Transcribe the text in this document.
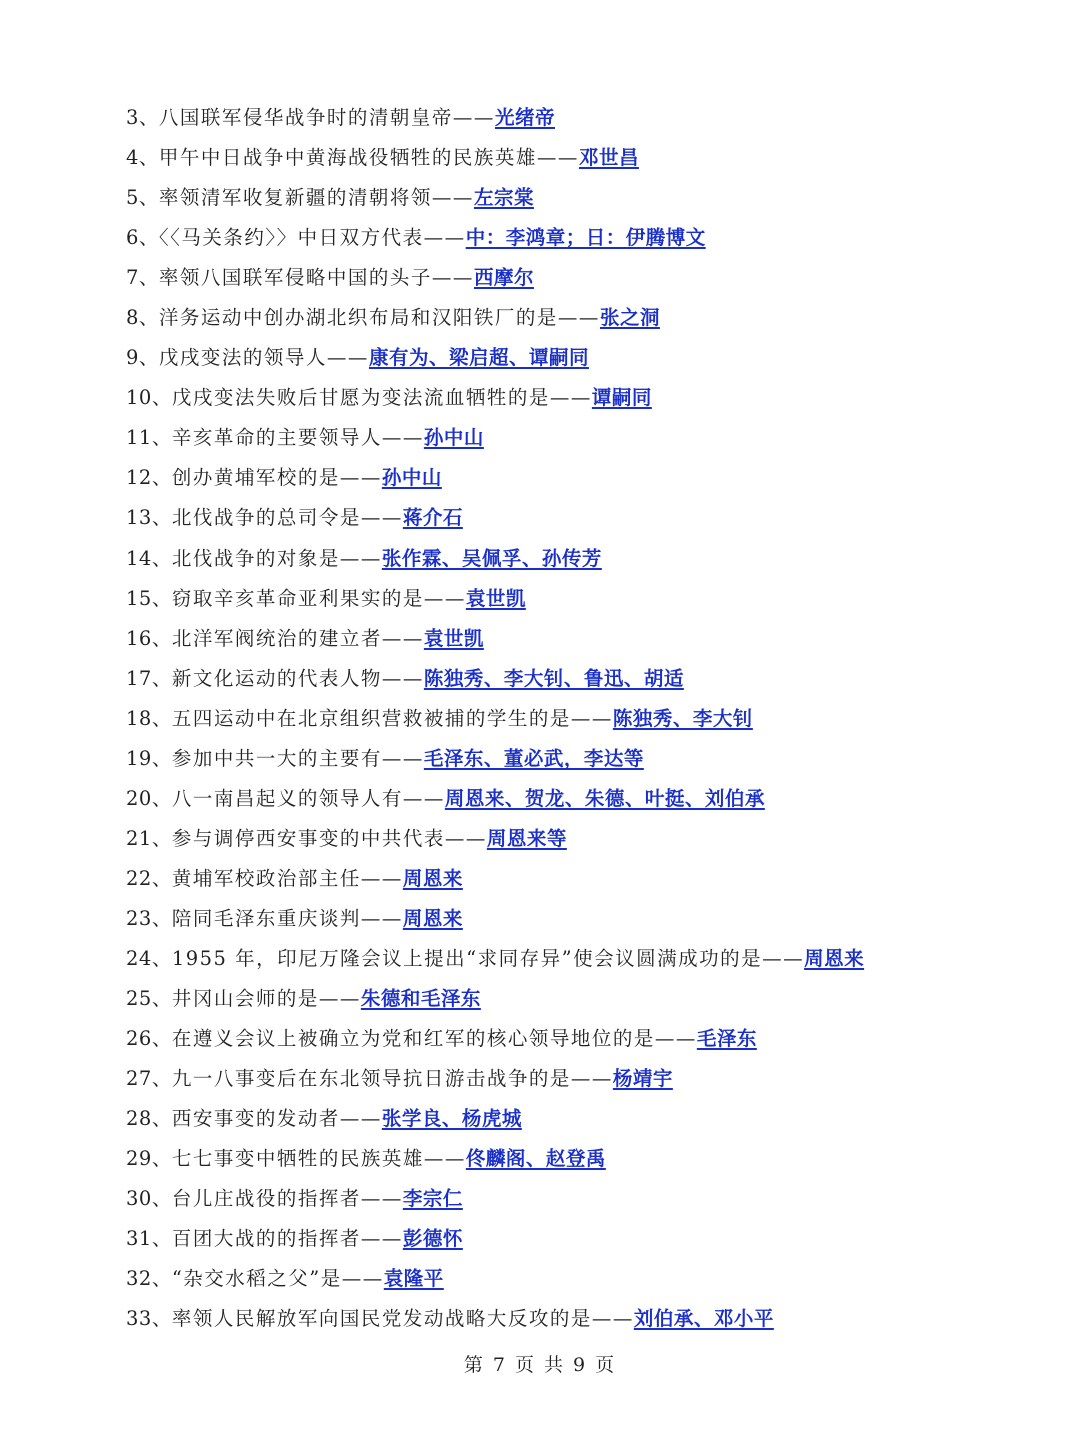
3、八国联军侵华战争时的清朝皇帝——光绪帝
4、甲午中日战争中黄海战役牺牲的民族英雄——邓世昌
5、率领清军收复新疆的清朝将领——左宗棠
6、〈〈马关条约〉〉中日双方代表——中：李鸿章；日：伊腾博文
7、率领八国联军侵略中国的头子——西摩尔
8、洋务运动中创办湖北织布局和汉阳铁厂的是——张之洞
9、戊戌变法的领导人——康有为、梁启超、谭嗣同
10、戊戌变法失败后甘愿为变法流血牺牲的是——谭嗣同
11、辛亥革命的主要领导人——孙中山
12、创办黄埔军校的是——孙中山
13、北伐战争的总司令是——蒋介石
14、北伐战争的对象是——张作霖、吴佩孚、孙传芳
15、窃取辛亥革命亚利果实的是——袁世凯
16、北洋军阀统治的建立者——袁世凯
17、新文化运动的代表人物——陈独秀、李大钊、鲁迅、胡适
18、五四运动中在北京组织营救被捕的学生的是——陈独秀、李大钊
19、参加中共一大的主要有——毛泽东、董必武，李达等
20、八一南昌起义的领导人有——周恩来、贺龙、朱德、叶挺、刘伯承
21、参与调停西安事变的中共代表——周恩来等
22、黄埔军校政治部主任——周恩来
23、陪同毛泽东重庆谈判——周恩来
24、1955 年，印尼万隆会议上提出“求同存异”使会议圆满成功的是——周恩来
25、井冈山会师的是——朱德和毛泽东
26、在遵义会议上被确立为党和红军的核心领导地位的是——毛泽东
27、九一八事变后在东北领导抗日游击战争的是——杨靖宇
28、西安事变的发动者——张学良、杨虎城
29、七七事变中牺牲的民族英雄——佟麟阁、赵登禹
30、台儿庄战役的指挥者——李宗仁
31、百团大战的的指挥者——彭德怀
32、“杂交水稻之父”是——袁隆平
33、率领人民解放军向国民党发动战略大反攻的是——刘伯承、邓小平
第 7 页 共 9 页
